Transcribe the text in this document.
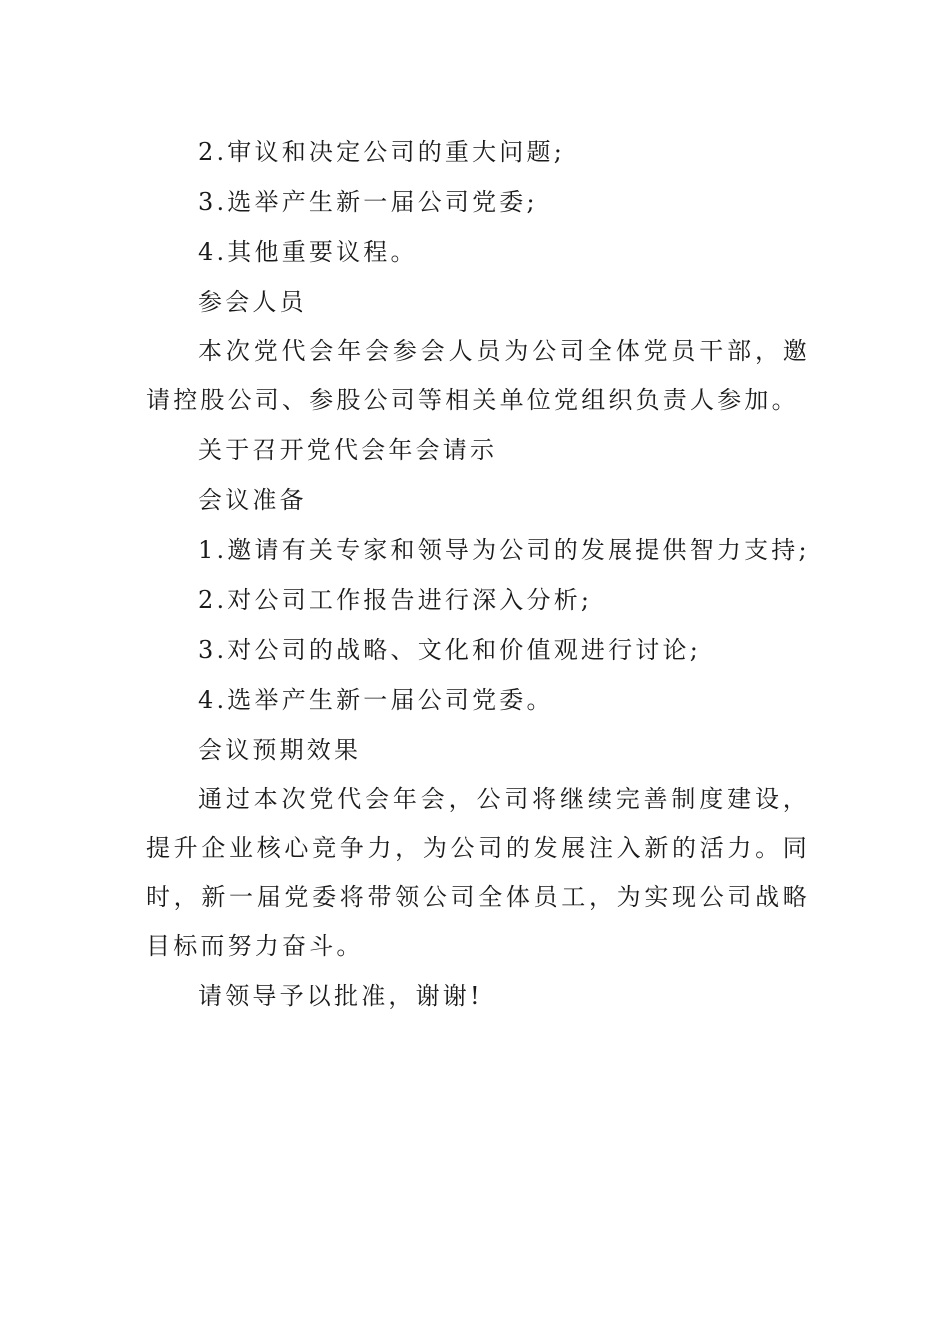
2.审议和决定公司的重大问题;

3.选举产生新一届公司党委;

4.其他重要议程。

参会人员

本次党代会年会参会人员为公司全体党员干部，邀请控股公司、参股公司等相关单位党组织负责人参加。

关于召开党代会年会请示

会议准备

1.邀请有关专家和领导为公司的发展提供智力支持;

2.对公司工作报告进行深入分析;

3.对公司的战略、文化和价值观进行讨论;

4.选举产生新一届公司党委。

会议预期效果

通过本次党代会年会，公司将继续完善制度建设，提升企业核心竞争力，为公司的发展注入新的活力。同时，新一届党委将带领公司全体员工，为实现公司战略目标而努力奋斗。

请领导予以批准，谢谢!
